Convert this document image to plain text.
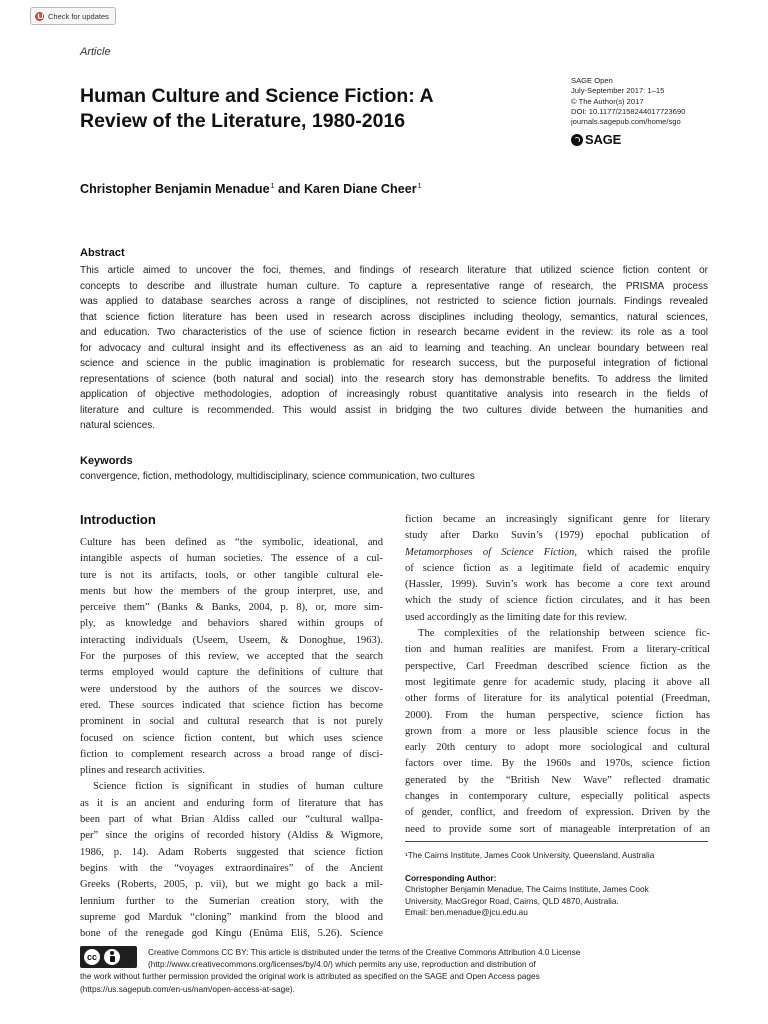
Check for updates
Article
Human Culture and Science Fiction: A
Review of the Literature, 1980-2016
SAGE Open
July-September 2017: 1–15
© The Author(s) 2017
DOI: 10.1177/2158244017723690
journals.sagepub.com/home/sgo
SAGE
Christopher Benjamin Menadue$^1$ and Karen Diane Cheer$^1$
Abstract

This article aimed to uncover the foci, themes, and findings of research literature that utilized science fiction content or
concepts to describe and illustrate human culture. To capture a representative range of research, the PRISMA process
was applied to database searches across a range of disciplines, not restricted to science fiction journals. Findings revealed
that science fiction literature has been used in research across disciplines including theology, semantics, natural sciences,
and education. Two characteristics of the use of science fiction in research became evident in the review: its role as a tool
for advocacy and cultural insight and its effectiveness as an aid to learning and teaching. An unclear boundary between real
science and science in the public imagination is problematic for research success, but the purposeful integration of fictional
representations of science (both natural and social) into the research story has demonstrable benefits. To address the limited
application of objective methodologies, adoption of increasingly robust quantitative analysis into research in the fields of
literature and culture is recommended. This would assist in bridging the two cultures divide between the humanities and
natural sciences.

Keywords
convergence, fiction, methodology, multidisciplinary, science communication, two cultures
Introduction
Culture has been defined as “the symbolic, ideational, and
intangible aspects of human societies. The essence of a cul-
ture is not its artifacts, tools, or other tangible cultural ele-
ments but how the members of the group interpret, use, and
perceive them” (Banks & Banks, 2004, p. 8), or, more sim-
ply, as knowledge and behaviors shared within groups of
interacting individuals (Useem, Useem, & Donoghue, 1963).
For the purposes of this review, we accepted that the search
terms employed would capture the definitions of culture that
were understood by the authors of the sources we discov-
ered. These sources indicated that science fiction has become
prominent in social and cultural research that is not purely
focused on science fiction content, but which uses science
fiction to complement research across a broad range of disci-
plines and research activities.
Science fiction is significant in studies of human culture
as it is an ancient and enduring form of literature that has
been part of what Brian Aldiss called our “cultural wallpa-
per” since the origins of recorded history (Aldiss & Wigmore,
1986, p. 14). Adam Roberts suggested that science fiction
begins with the “voyages extraordinaires” of the Ancient
Greeks (Roberts, 2005, p. vii), but we might go back a mil-
lennium further to the Sumerian creation story, with the
supreme god Marduk “cloning” mankind from the blood and
bone of the renegade god Kingu (Enûma Eliš, 5.26). Science
fiction became an increasingly significant genre for literary
study after Darko Suvin’s (1979) epochal publication of
Metamorphoses of Science Fiction, which raised the profile
of science fiction as a legitimate field of academic enquiry
(Hassler, 1999). Suvin’s work has become a core text around
which the study of science fiction circulates, and it has been
used accordingly as the limiting date for this review.
The complexities of the relationship between science fic-
tion and human realities are manifest. From a literary-critical
perspective, Carl Freedman described science fiction as the
most legitimate genre for academic study, placing it above all
other forms of literature for its analytical potential (Freedman,
2000). From the human perspective, science fiction has
grown from a more or less plausible science focus in the
early 20th century to adopt more sociological and cultural
factors over time. By the 1960s and 1970s, science fiction
generated by the “British New Wave” reflected dramatic
changes in contemporary culture, especially political aspects
of gender, conflict, and freedom of expression. Driven by the
need to provide some sort of manageable interpretation of an
¹The Cairns Institute, James Cook University, Queensland, Australia
Corresponding Author:
Christopher Benjamin Menadue, The Cairns Institute, James Cook
University, MacGregor Road, Cairns, QLD 4870, Australia.
Email: ben.menadue@jcu.edu.au
cc	Creative Commons CC BY: This article is distributed under the terms of the Creative Commons Attribution 4.0 License
(http://www.creativecommons.org/licenses/by/4.0/) which permits any use, reproduction and distribution of
the work without further permission provided the original work is attributed as specified on the SAGE and Open Access pages
(https://us.sagepub.com/en-us/nam/open-access-at-sage).
